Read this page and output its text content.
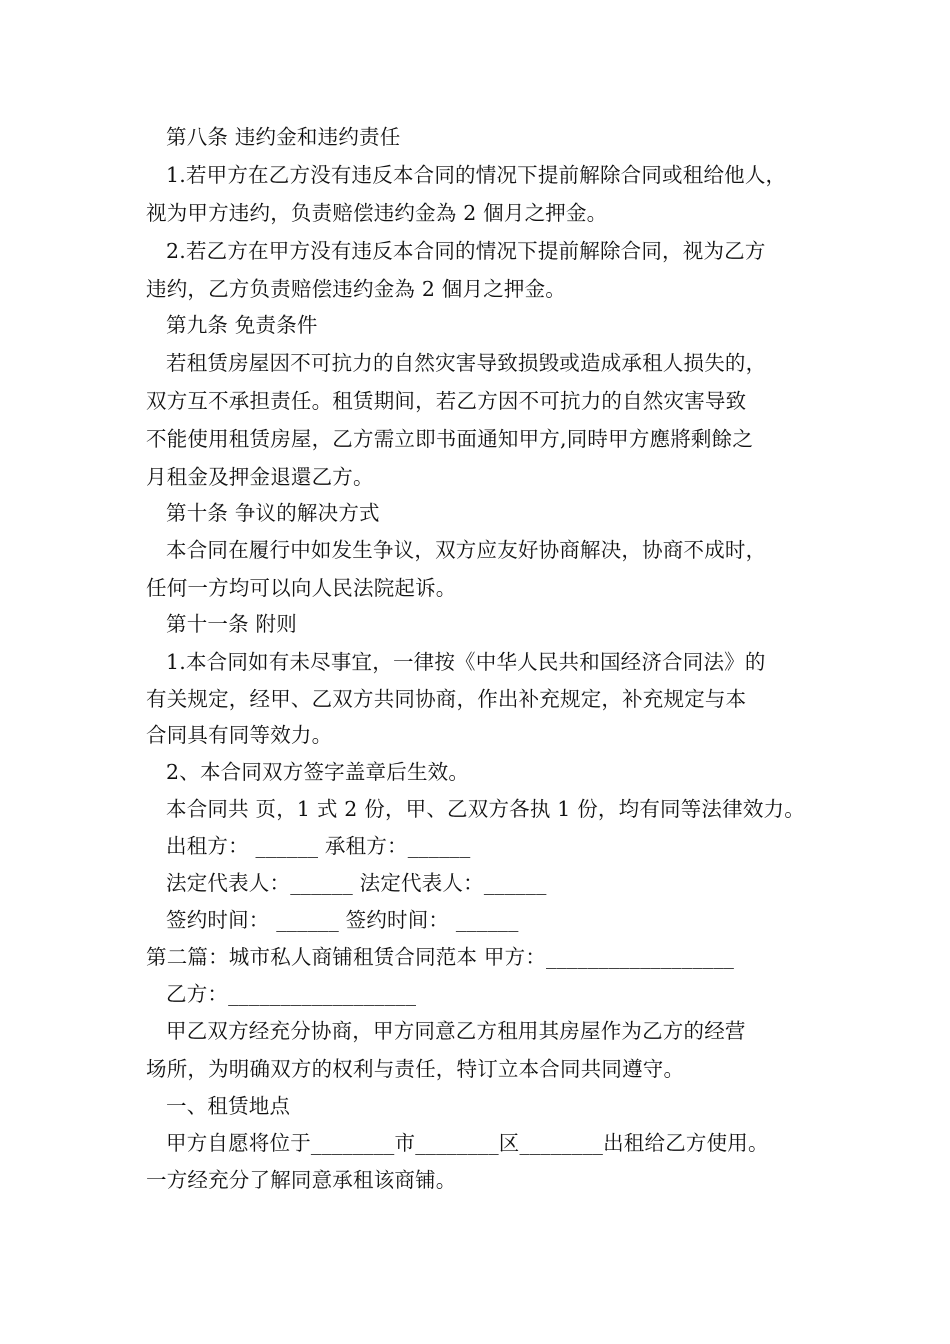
第八条 违约金和违约责任
1.若甲方在乙方没有违反本合同的情况下提前解除合同或租给他人，
视为甲方违约，负责赔偿违约金為 2 個月之押金。
2.若乙方在甲方没有违反本合同的情况下提前解除合同，视为乙方
违约，乙方负责赔偿违约金為 2 個月之押金。
第九条 免责条件
若租赁房屋因不可抗力的自然灾害导致损毁或造成承租人损失的，
双方互不承担责任。租赁期间，若乙方因不可抗力的自然灾害导致
不能使用租赁房屋，乙方需立即书面通知甲方,同時甲方應將剩餘之
月租金及押金退還乙方。
第十条 争议的解决方式
本合同在履行中如发生争议，双方应友好协商解决，协商不成时，
任何一方均可以向人民法院起诉。
第十一条 附则
1.本合同如有未尽事宜，一律按《中华人民共和国经济合同法》的
有关规定，经甲、乙双方共同协商，作出补充规定，补充规定与本
合同具有同等效力。
2、本合同双方签字盖章后生效。
本合同共 页，1 式 2 份，甲、乙双方各执 1 份，均有同等法律效力。
出租方： ______ 承租方：______
法定代表人：______ 法定代表人：______
签约时间： ______ 签约时间： ______
第二篇：城市私人商铺租赁合同范本 甲方：__________________
乙方：__________________
甲乙双方经充分协商，甲方同意乙方租用其房屋作为乙方的经营
场所，为明确双方的权利与责任，特订立本合同共同遵守。
一、租赁地点
甲方自愿将位于________市________区________出租给乙方使用。
一方经充分了解同意承租该商铺。
